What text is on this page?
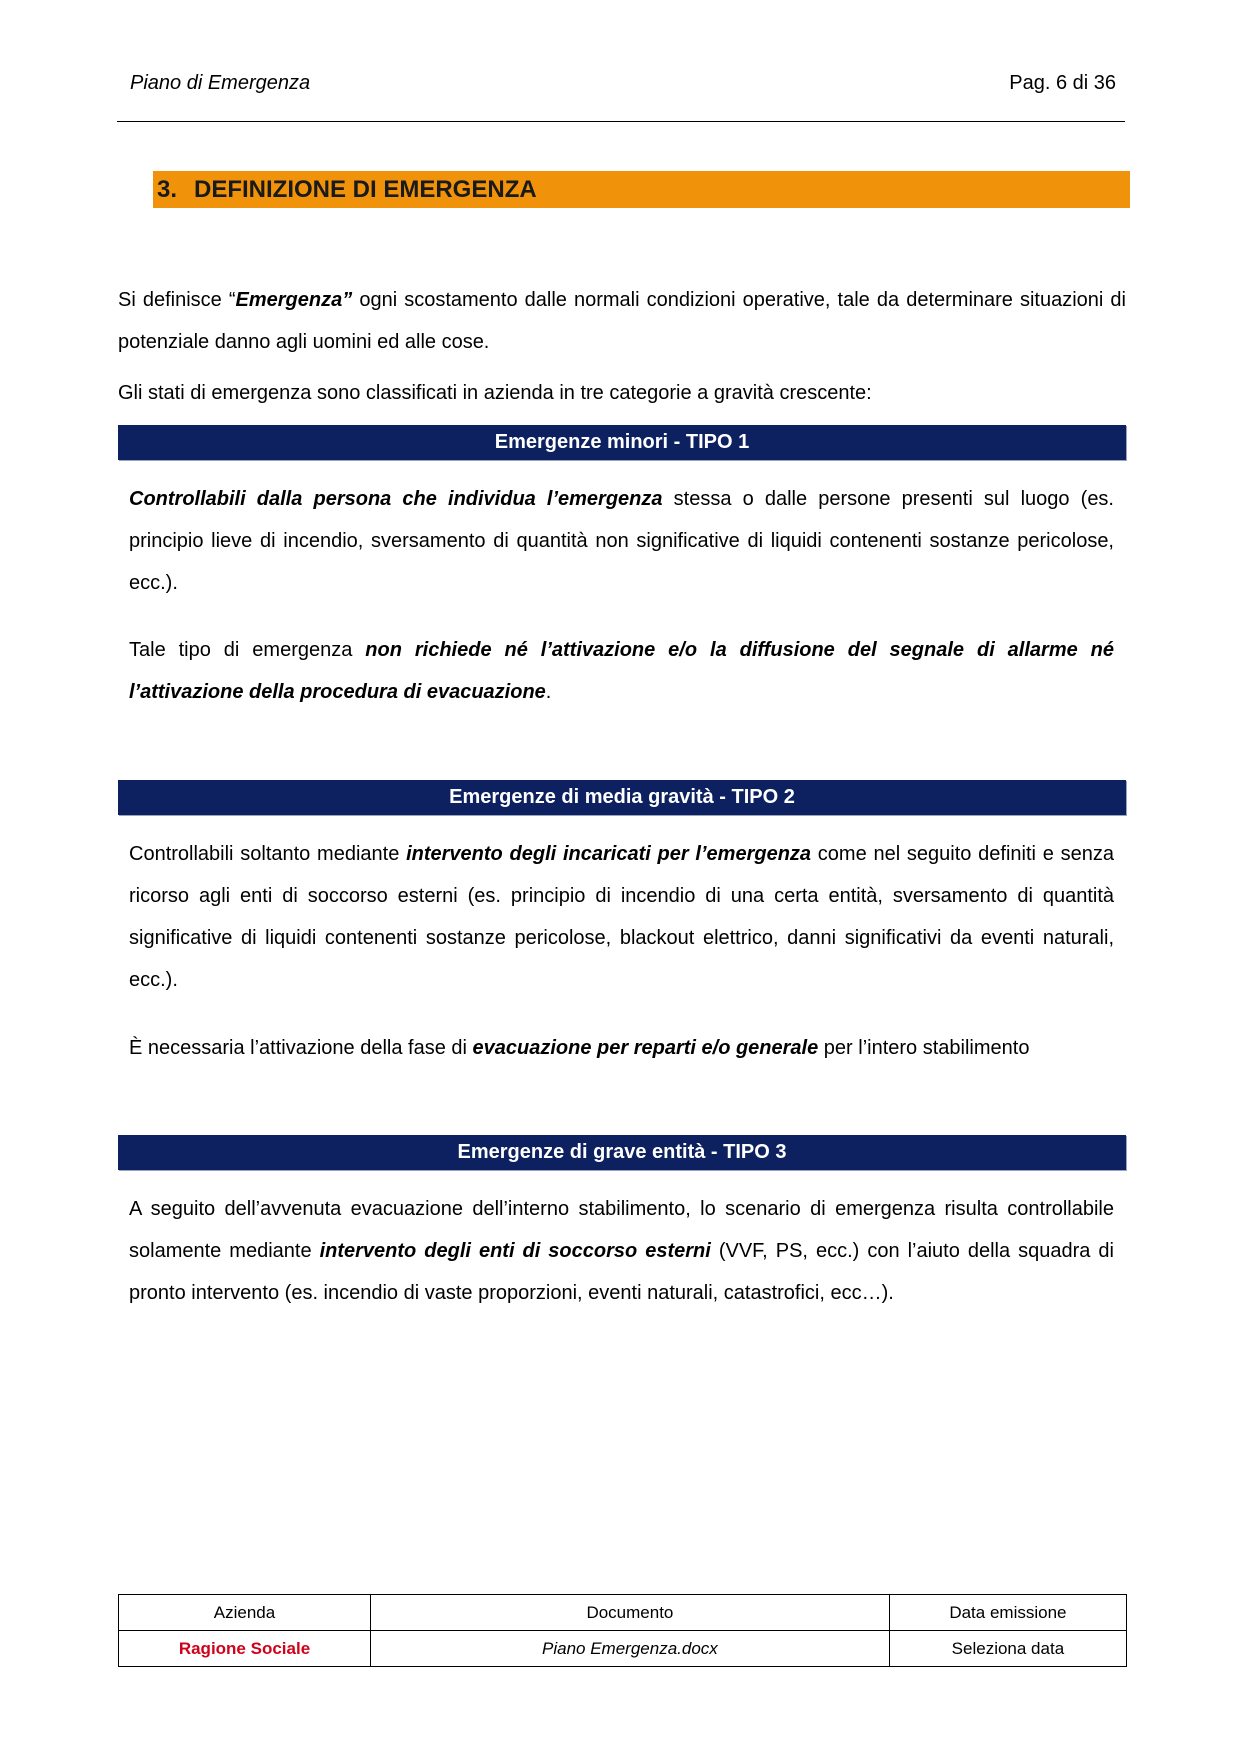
Piano di Emergenza	Pag. 6 di 36
3. DEFINIZIONE DI EMERGENZA

Si definisce “Emergenza” ogni scostamento dalle normali condizioni operative, tale da determinare situazioni di potenziale danno agli uomini ed alle cose.

Gli stati di emergenza sono classificati in azienda in tre categorie a gravità crescente:

Emergenze minori - TIPO 1

Controllabili dalla persona che individua l’emergenza stessa o dalle persone presenti sul luogo (es. principio lieve di incendio, sversamento di quantità non significative di liquidi contenenti sostanze pericolose, ecc.).

Tale tipo di emergenza non richiede né l’attivazione e/o la diffusione del segnale di allarme né l’attivazione della procedura di evacuazione.

Emergenze di media gravità - TIPO 2

Controllabili soltanto mediante intervento degli incaricati per l’emergenza come nel seguito definiti e senza ricorso agli enti di soccorso esterni (es. principio di incendio di una certa entità, sversamento di quantità significative di liquidi contenenti sostanze pericolose, blackout elettrico, danni significativi da eventi naturali, ecc.).

È necessaria l’attivazione della fase di evacuazione per reparti e/o generale per l’intero stabilimento

Emergenze di grave entità - TIPO 3

A seguito dell’avvenuta evacuazione dell’interno stabilimento, lo scenario di emergenza risulta controllabile solamente mediante intervento degli enti di soccorso esterni (VVF, PS, ecc.) con l’aiuto della squadra di pronto intervento (es. incendio di vaste proporzioni, eventi naturali, catastrofici, ecc…).

Azienda	Documento	Data emissione
Ragione Sociale	Piano Emergenza.docx	Seleziona data
